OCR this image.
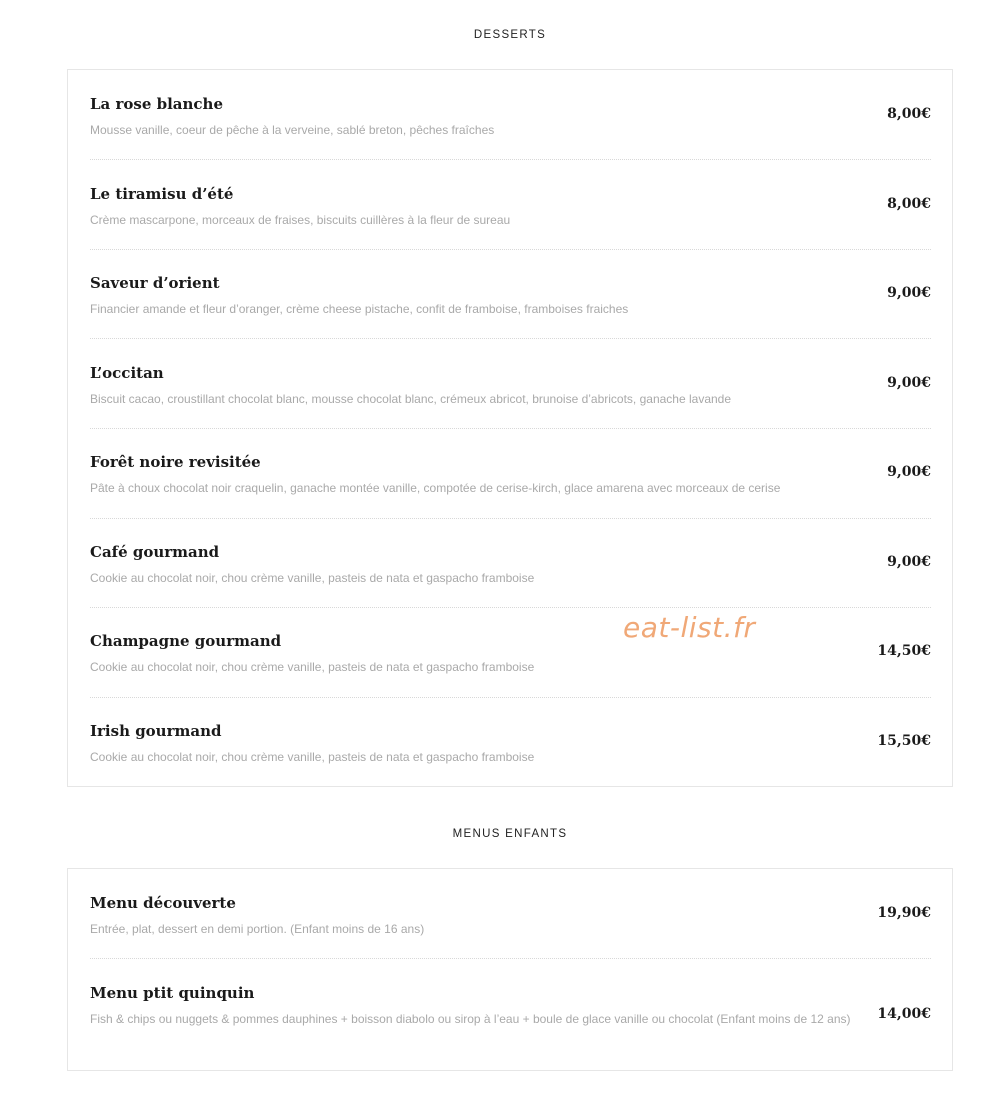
DESSERTS
La rose blanche
Mousse vanille, coeur de pêche à la verveine, sablé breton, pêches fraîches
8,00€
Le tiramisu d’été
Crème mascarpone, morceaux de fraises, biscuits cuillères à la fleur de sureau
8,00€
Saveur d’orient
Financier amande et fleur d’oranger, crème cheese pistache, confit de framboise, framboises fraiches
9,00€
L’occitan
Biscuit cacao, croustillant chocolat blanc, mousse chocolat blanc, crémeux abricot, brunoise d’abricots, ganache lavande
9,00€
Forêt noire revisitée
Pâte à choux chocolat noir craquelin, ganache montée vanille, compotée de cerise-kirch, glace amarena avec morceaux de cerise
9,00€
Café gourmand
Cookie au chocolat noir, chou crème vanille, pasteis de nata et gaspacho framboise
9,00€
Champagne gourmand
Cookie au chocolat noir, chou crème vanille, pasteis de nata et gaspacho framboise
14,50€
Irish gourmand
Cookie au chocolat noir, chou crème vanille, pasteis de nata et gaspacho framboise
15,50€
MENUS ENFANTS
Menu découverte
Entrée, plat, dessert en demi portion. (Enfant moins de 16 ans)
19,90€
Menu ptit quinquin
Fish & chips ou nuggets & pommes dauphines + boisson diabolo ou sirop à l’eau + boule de glace vanille ou chocolat (Enfant moins de 12 ans)	14,00€
eat-list.fr
